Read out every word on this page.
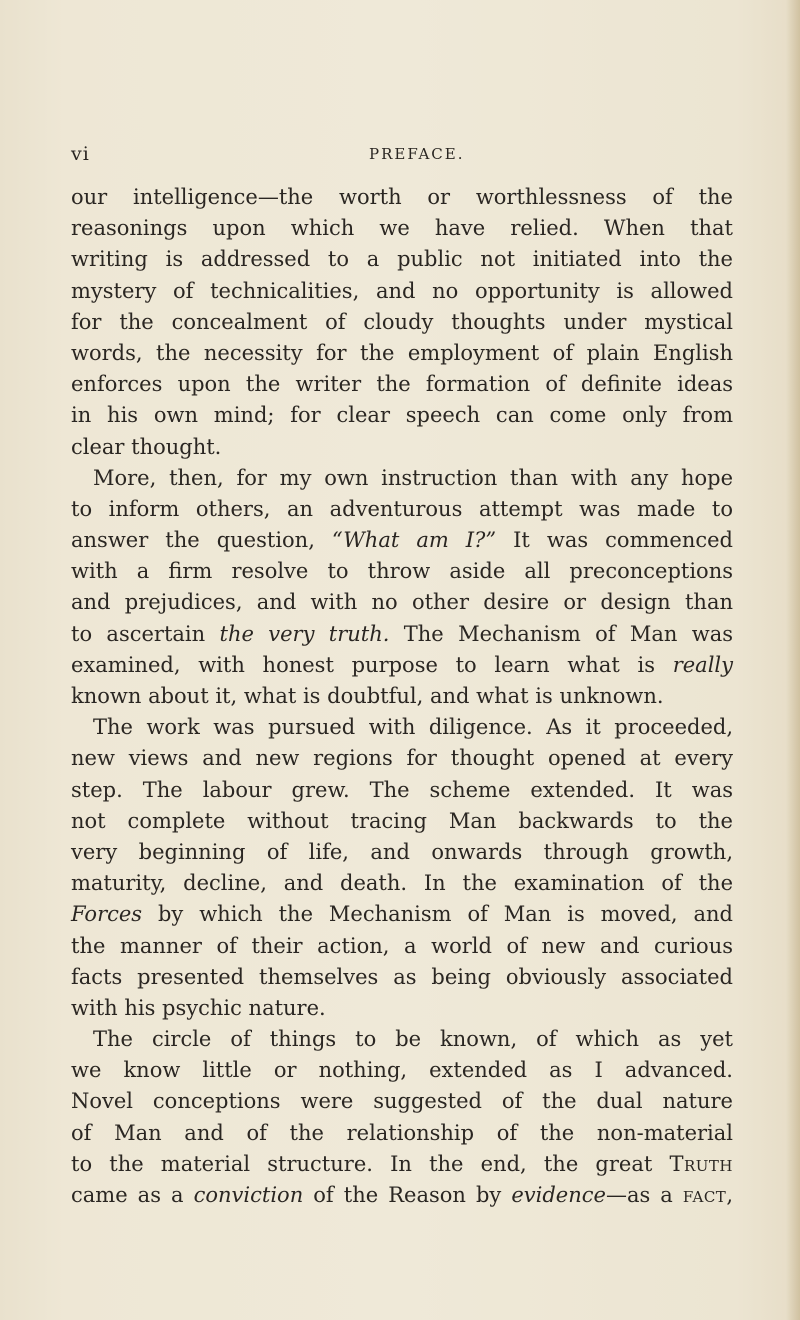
vi	PREFACE.
our intelligence—the worth or worthlessness of the
reasonings upon which we have relied. When that
writing is addressed to a public not initiated into the
mystery of technicalities, and no opportunity is allowed
for the concealment of cloudy thoughts under mystical
words, the necessity for the employment of plain English
enforces upon the writer the formation of definite ideas
in his own mind; for clear speech can come only from
clear thought.
More, then, for my own instruction than with any hope
to inform others, an adventurous attempt was made to
answer the question, “What am I?” It was commenced
with a firm resolve to throw aside all preconceptions
and prejudices, and with no other desire or design than
to ascertain the very truth. The Mechanism of Man was
examined, with honest purpose to learn what is really
known about it, what is doubtful, and what is unknown.
The work was pursued with diligence. As it proceeded,
new views and new regions for thought opened at every
step. The labour grew. The scheme extended. It was
not complete without tracing Man backwards to the
very beginning of life, and onwards through growth,
maturity, decline, and death. In the examination of the
Forces by which the Mechanism of Man is moved, and
the manner of their action, a world of new and curious
facts presented themselves as being obviously associated
with his psychic nature.
The circle of things to be known, of which as yet
we know little or nothing, extended as I advanced.
Novel conceptions were suggested of the dual nature
of Man and of the relationship of the non-material
to the material structure. In the end, the great Truth
came as a conviction of the Reason by evidence—as a fact,
